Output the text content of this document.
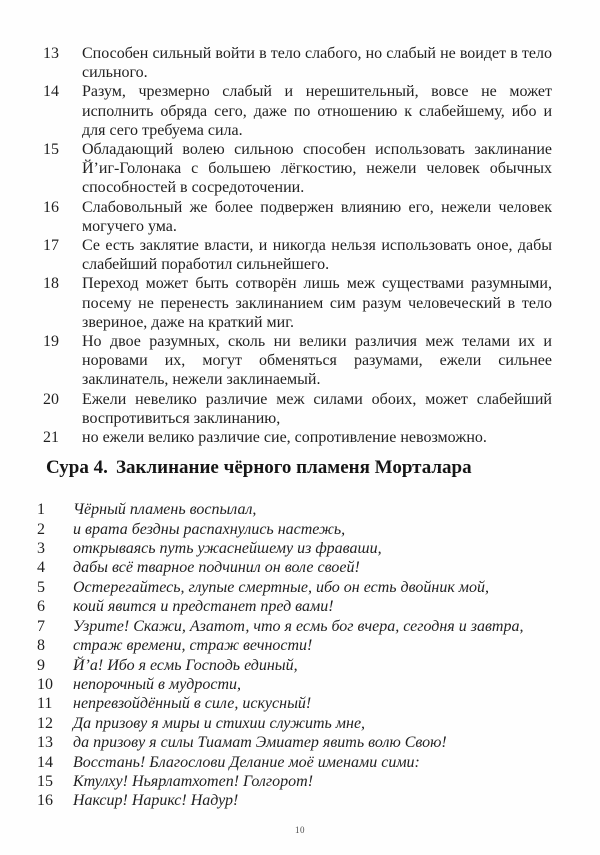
13	Способен сильный войти в тело слабого, но слабый не воидет в тело сильного.
14	Разум, чрезмерно слабый и нерешительный, вовсе не может исполнить обряда сего, даже по отношению к слабейшему, ибо и для сего требуема сила.
15	Обладающий волею сильною способен использовать заклинание Й’иг-Голонака с большею лёгкостию, нежели человек обычных способностей в сосредоточении.
16	Слабовольный же более подвержен влиянию его, нежели человек могучего ума.
17	Се есть заклятие власти, и никогда нельзя использовать оное, дабы слабейший поработил сильнейшего.
18	Переход может быть сотворён лишь меж существами разумными, посему не перенесть заклинанием сим разум человеческий в тело звериное, даже на краткий миг.
19	Но двое разумных, сколь ни велики различия меж телами их и норовами их, могут обменяться разумами, ежели сильнее заклинатель, нежели заклинаемый.
20	Ежели невелико различие меж силами обоих, может слабейший воспротивиться заклинанию,
21	но ежели велико различие сие, сопротивление невозможно.
Сура 4. Заклинание чёрного пламеня Морталара
1	Чёрный пламень воспылал,
2	и врата бездны распахнулись настежь,
3	открываясь путь ужаснейшему из фраваши,
4	дабы всё тварное подчинил он воле своей!
5	Остерегайтесь, глупые смертные, ибо он есть двойник мой,
6	коий явится и предстанет пред вами!
7	Узрите! Скажи, Азатот, что я есмь бог вчера, сегодня и завтра,
8	страж времени, страж вечности!
9	Й’а! Ибо я есмь Господь единый,
10	непорочный в мудрости,
11	непревзойдённый в силе, искусный!
12	Да призову я миры и стихии служить мне,
13	да призову я силы Тиамат Эмиатер явить волю Свою!
14	Восстань! Благослови Делание моё именами сими:
15	Ктулху! Ньярлатхотеп! Голгорот!
16	Наксир! Нарикс! Надур!
10
